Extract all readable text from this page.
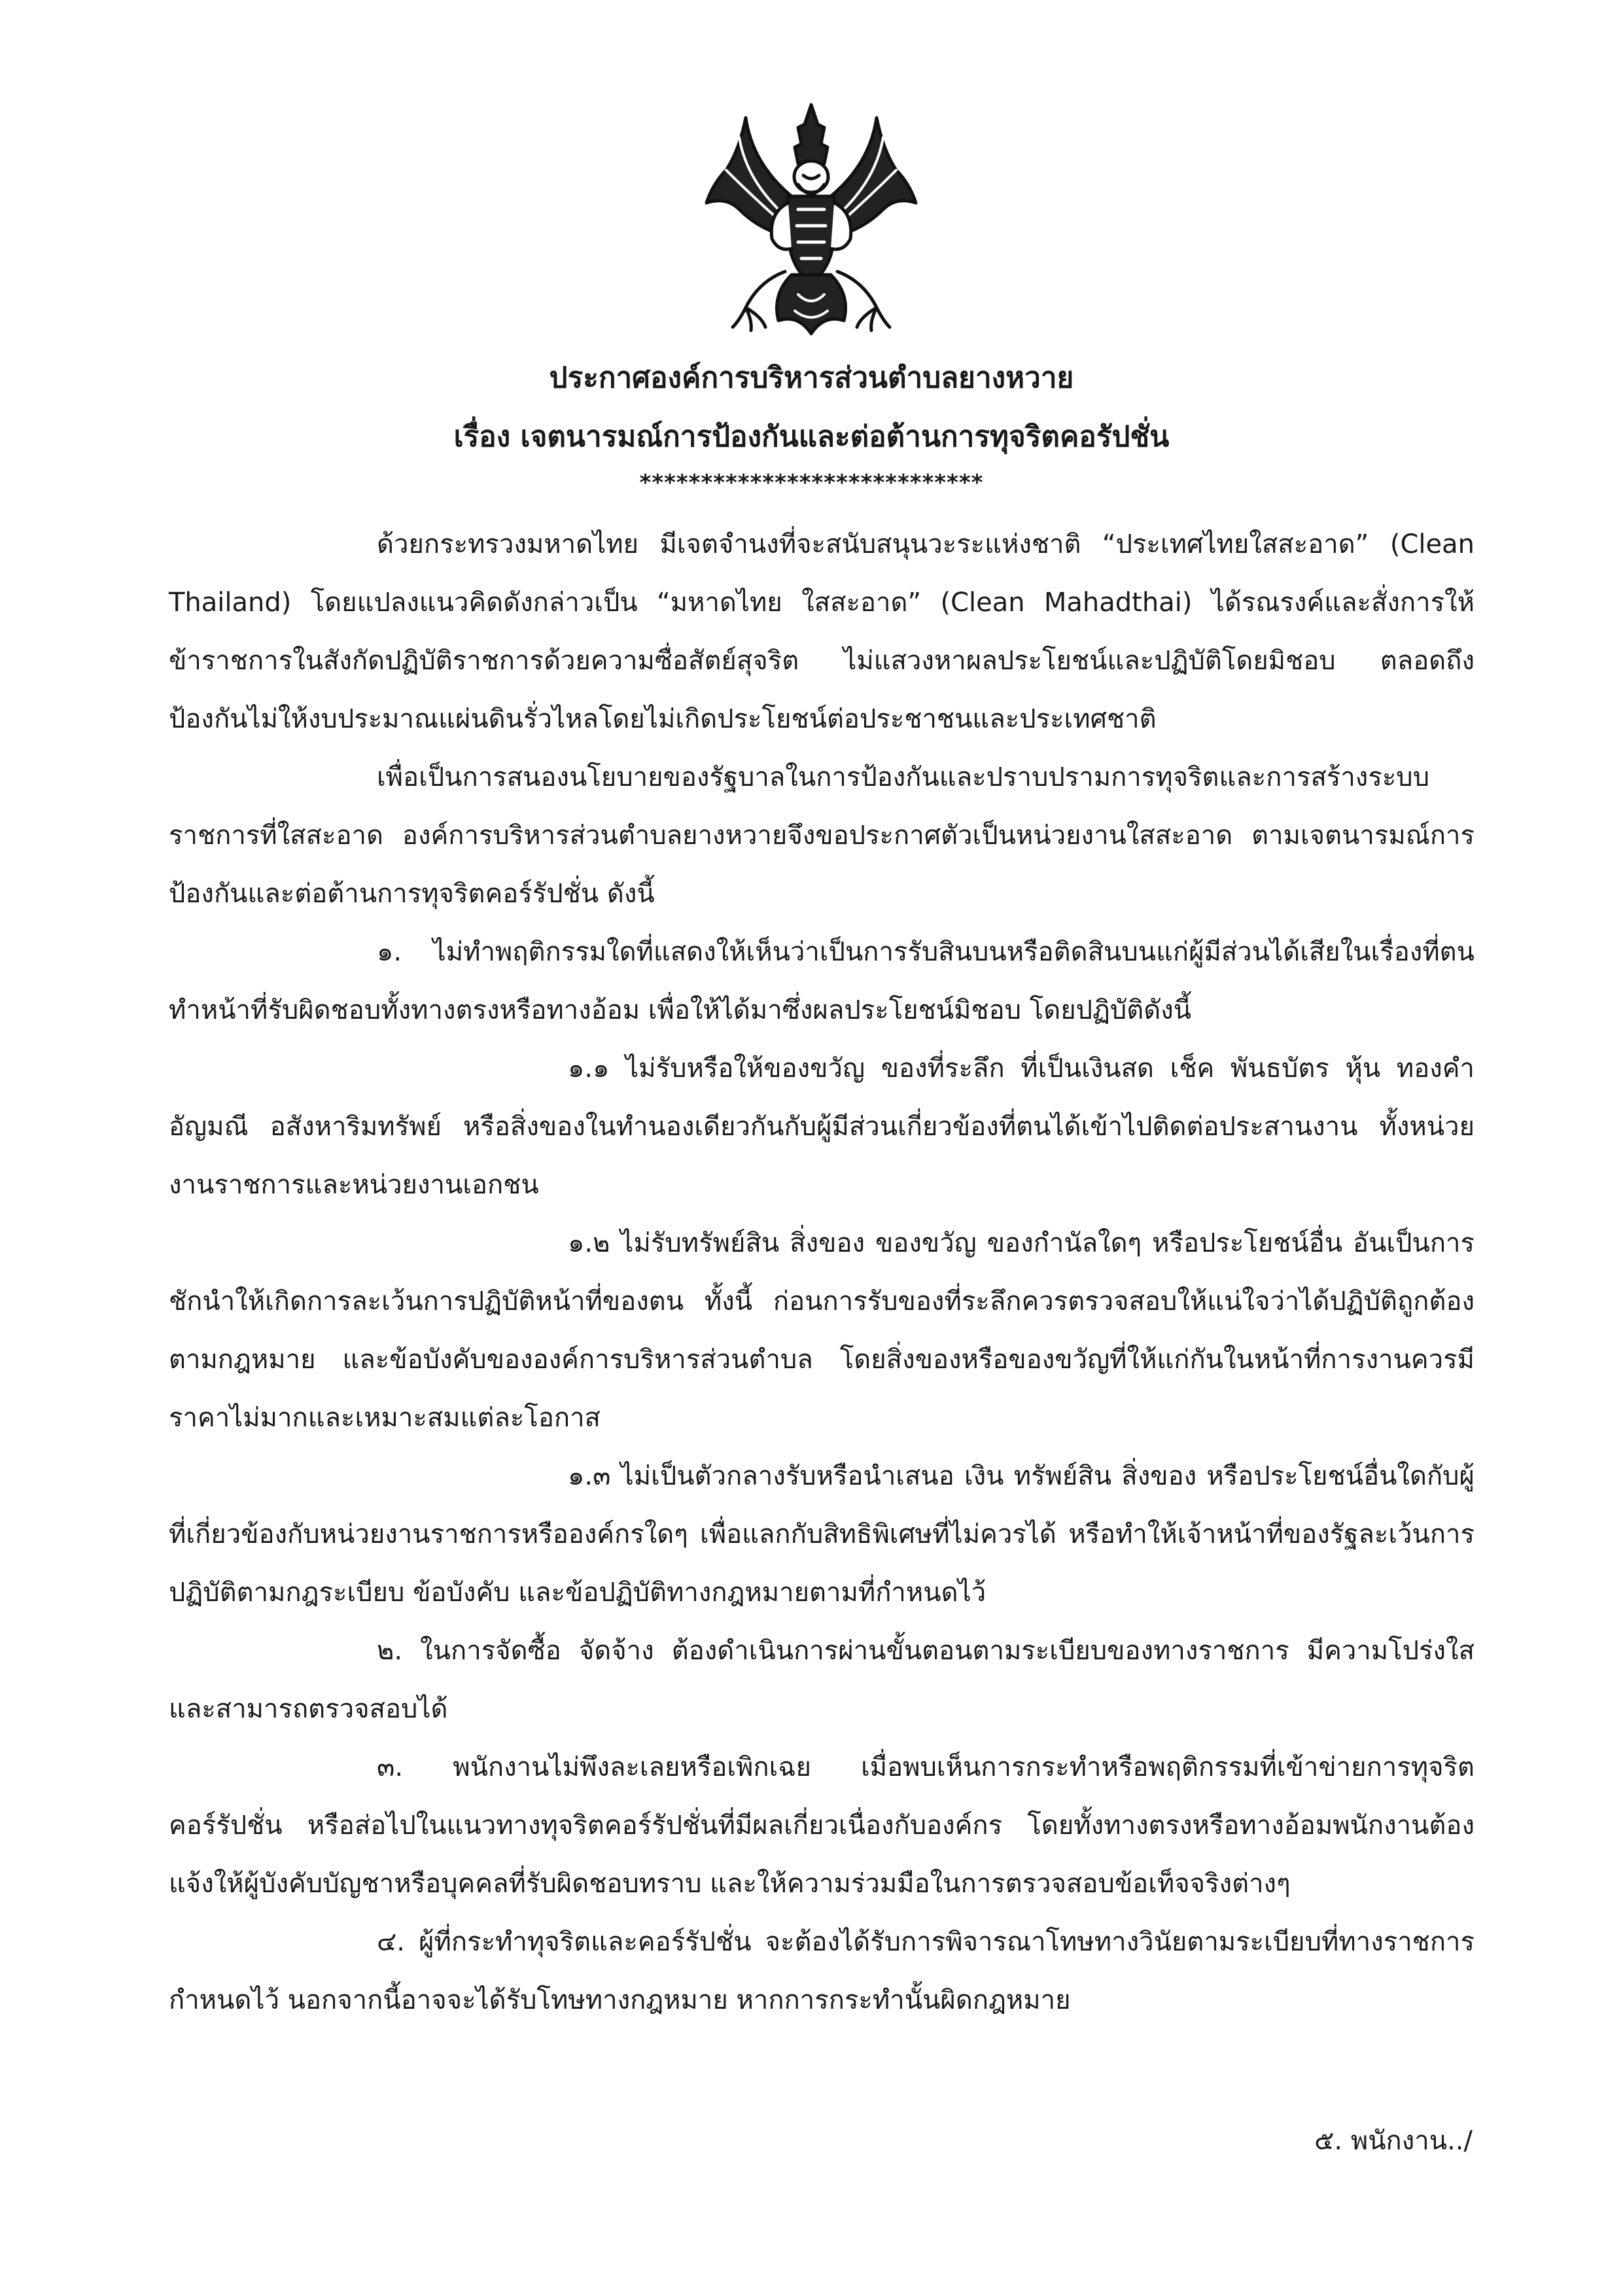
ประกาศองค์การบริหารส่วนตำบลยางหวาย
เรื่อง เจตนารมณ์การป้องกันและต่อต้านการทุจริตคอรัปชั่น
****************************

ด้วยกระทรวงมหาดไทย มีเจตจำนงที่จะสนับสนุนวะระแห่งชาติ “ประเทศไทยใสสะอาด” (Clean Thailand) โดยแปลงแนวคิดดังกล่าวเป็น “มหาดไทย ใสสะอาด” (Clean Mahadthai) ได้รณรงค์และสั่งการให้ข้าราชการในสังกัดปฏิบัติราชการด้วยความซื่อสัตย์สุจริต ไม่แสวงหาผลประโยชน์และปฏิบัติโดยมิชอบ ตลอดถึงป้องกันไม่ให้งบประมาณแผ่นดินรั่วไหลโดยไม่เกิดประโยชน์ต่อประชาชนและประเทศชาติ

เพื่อเป็นการสนองนโยบายของรัฐบาลในการป้องกันและปราบปรามการทุจริตและการสร้างระบบราชการที่ใสสะอาด องค์การบริหารส่วนตำบลยางหวายจึงขอประกาศตัวเป็นหน่วยงานใสสะอาด ตามเจตนารมณ์การป้องกันและต่อต้านการทุจริตคอร์รัปชั่น ดังนี้

๑. ไม่ทำพฤติกรรมใดที่แสดงให้เห็นว่าเป็นการรับสินบนหรือติดสินบนแก่ผู้มีส่วนได้เสียในเรื่องที่ตนทำหน้าที่รับผิดชอบทั้งทางตรงหรือทางอ้อม เพื่อให้ได้มาซึ่งผลประโยชน์มิชอบ โดยปฏิบัติดังนี้

๑.๑ ไม่รับหรือให้ของขวัญ ของที่ระลึก ที่เป็นเงินสด เช็ค พันธบัตร หุ้น ทองคำ อัญมณี อสังหาริมทรัพย์ หรือสิ่งของในทำนองเดียวกันกับผู้มีส่วนเกี่ยวข้องที่ตนได้เข้าไปติดต่อประสานงาน ทั้งหน่วยงานราชการและหน่วยงานเอกชน

๑.๒ ไม่รับทรัพย์สิน สิ่งของ ของขวัญ ของกำนัลใดๆ หรือประโยชน์อื่น อันเป็นการชักนำให้เกิดการละเว้นการปฏิบัติหน้าที่ของตน ทั้งนี้ ก่อนการรับของที่ระลึกควรตรวจสอบให้แน่ใจว่าได้ปฏิบัติถูกต้องตามกฎหมาย และข้อบังคับขององค์การบริหารส่วนตำบล โดยสิ่งของหรือของขวัญที่ให้แก่กันในหน้าที่การงานควรมีราคาไม่มากและเหมาะสมแต่ละโอกาส

๑.๓ ไม่เป็นตัวกลางรับหรือนำเสนอ เงิน ทรัพย์สิน สิ่งของ หรือประโยชน์อื่นใดกับผู้ที่เกี่ยวข้องกับหน่วยงานราชการหรือองค์กรใดๆ เพื่อแลกกับสิทธิพิเศษที่ไม่ควรได้ หรือทำให้เจ้าหน้าที่ของรัฐละเว้นการปฏิบัติตามกฎระเบียบ ข้อบังคับ และข้อปฏิบัติทางกฎหมายตามที่กำหนดไว้

๒. ในการจัดซื้อ จัดจ้าง ต้องดำเนินการผ่านขั้นตอนตามระเบียบของทางราชการ มีความโปร่งใสและสามารถตรวจสอบได้

๓. พนักงานไม่พึงละเลยหรือเพิกเฉย เมื่อพบเห็นการกระทำหรือพฤติกรรมที่เข้าข่ายการทุจริตคอร์รัปชั่น หรือส่อไปในแนวทางทุจริตคอร์รัปชั่นที่มีผลเกี่ยวเนื่องกับองค์กร โดยทั้งทางตรงหรือทางอ้อมพนักงานต้องแจ้งให้ผู้บังคับบัญชาหรือบุคคลที่รับผิดชอบทราบ และให้ความร่วมมือในการตรวจสอบข้อเท็จจริงต่างๆ

๔. ผู้ที่กระทำทุจริตและคอร์รัปชั่น จะต้องได้รับการพิจารณาโทษทางวินัยตามระเบียบที่ทางราชการกำหนดไว้ นอกจากนี้อาจจะได้รับโทษทางกฎหมาย หากการกระทำนั้นผิดกฎหมาย

๕. พนักงาน../
